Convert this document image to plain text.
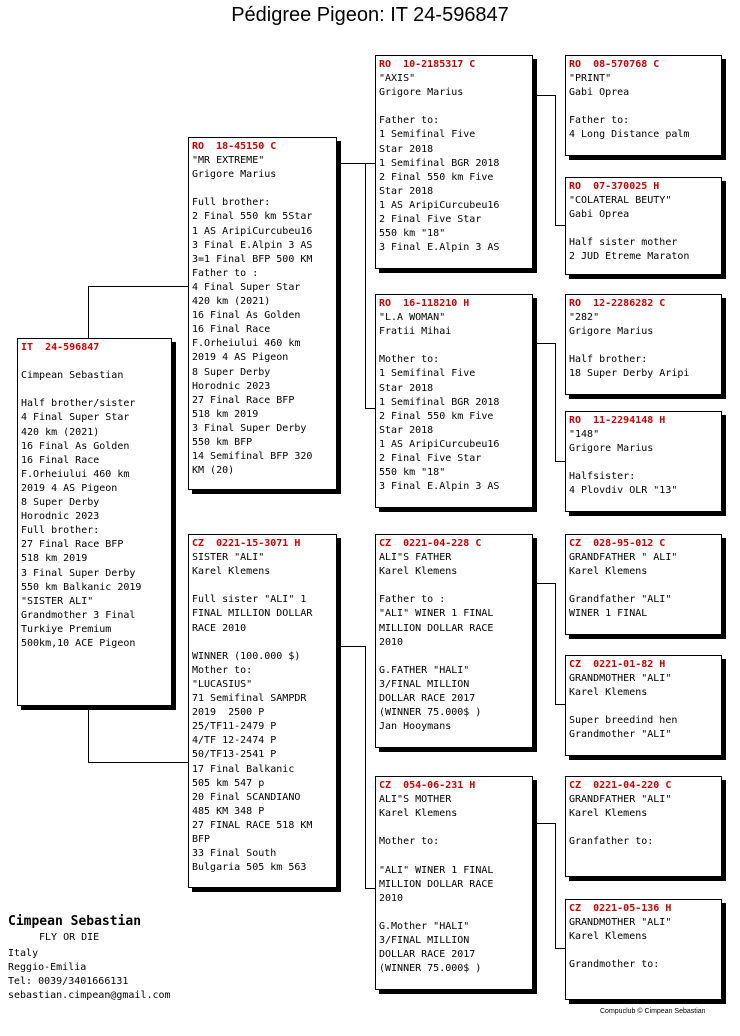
Pédigree Pigeon: IT 24-596847
IT  24-596847
Cimpean Sebastian
Half brother/sister
4 Final Super Star
420 km (2021)
16 Final As Golden
16 Final Race
F.Orheiului 460 km
2019 4 AS Pigeon
8 Super Derby
Horodnic 2023
Full brother:
27 Final Race BFP
518 km 2019
3 Final Super Derby
550 km Balkanic 2019
"SISTER ALI"
Grandmother 3 Final
Turkiye Premium
500km,10 ACE Pigeon
RO  18-45150 C
"MR EXTREME"
Grigore Marius
Full brother:
2 Final 550 km 5Star
1 AS AripiCurcubeu16
3 Final E.Alpin 3 AS
3=1 Final BFP 500 KM
Father to :
4 Final Super Star
420 km (2021)
16 Final As Golden
16 Final Race
F.Orheiului 460 km
2019 4 AS Pigeon
8 Super Derby
Horodnic 2023
27 Final Race BFP
518 km 2019
3 Final Super Derby
550 km BFP
14 Semifinal BFP 320
KM (20)
CZ  0221-15-3071 H
SISTER "ALI"
Karel Klemens
Full sister "ALI" 1
FINAL MILLION DOLLAR
RACE 2010
WINNER (100.000 $)
Mother to:
"LUCASIUS"
71 Semifinal SAMPDR
2019  2500 P
25/TF11-2479 P
4/TF 12-2474 P
50/TF13-2541 P
17 Final Balkanic
505 km 547 p
20 Final SCANDIANO
485 KM 348 P
27 FINAL RACE 518 KM
BFP
33 Final South
Bulgaria 505 km 563
RO  10-2185317 C
"AXIS"
Grigore Marius
Father to:
1 Semifinal Five
Star 2018
1 Semifinal BGR 2018
2 Final 550 km Five
Star 2018
1 AS AripiCurcubeu16
2 Final Five Star
550 km "18"
3 Final E.Alpin 3 AS
RO  16-118210 H
"L.A WOMAN"
Fratii Mihai
Mother to:
1 Semifinal Five
Star 2018
1 Semifinal BGR 2018
2 Final 550 km Five
Star 2018
1 AS AripiCurcubeu16
2 Final Five Star
550 km "18"
3 Final E.Alpin 3 AS
CZ  0221-04-228 C
ALI"S FATHER
Karel Klemens
Father to :
"ALI" WINER 1 FINAL
MILLION DOLLAR RACE
2010
G.FATHER "HALI"
3/FINAL MILLION
DOLLAR RACE 2017
(WINNER 75.000$ )
Jan Hooymans
CZ  054-06-231 H
ALI"S MOTHER
Karel Klemens
Mother to:
"ALI" WINER 1 FINAL
MILLION DOLLAR RACE
2010
G.Mother "HALI"
3/FINAL MILLION
DOLLAR RACE 2017
(WINNER 75.000$ )
RO  08-570768 C
"PRINT"
Gabi Oprea
Father to:
4 Long Distance palm
RO  07-370025 H
"COLATERAL BEUTY"
Gabi Oprea
Half sister mother
2 JUD Etreme Maraton
RO  12-2286282 C
"282"
Grigore Marius
Half brother:
18 Super Derby Aripi
RO  11-2294148 H
"148"
Grigore Marius
Halfsister:
4 Plovdiv OLR "13"
CZ  028-95-012 C
GRANDFATHER " ALI"
Karel Klemens
Grandfather "ALI"
WINER 1 FINAL
CZ  0221-01-82 H
GRANDMOTHER "ALI"
Karel Klemens
Super breedind hen
Grandmother "ALI"
CZ  0221-04-220 C
GRANDFATHER "ALI"
Karel Klemens
Granfather to:
CZ  0221-05-136 H
GRANDMOTHER "ALI"
Karel Klemens
Grandmother to:
Cimpean Sebastian
FLY OR DIE
Italy
Reggio-Emilia
Tel: 0039/3401666131
sebastian.cimpean@gmail.com
Compuclub © Cimpean Sebastian
